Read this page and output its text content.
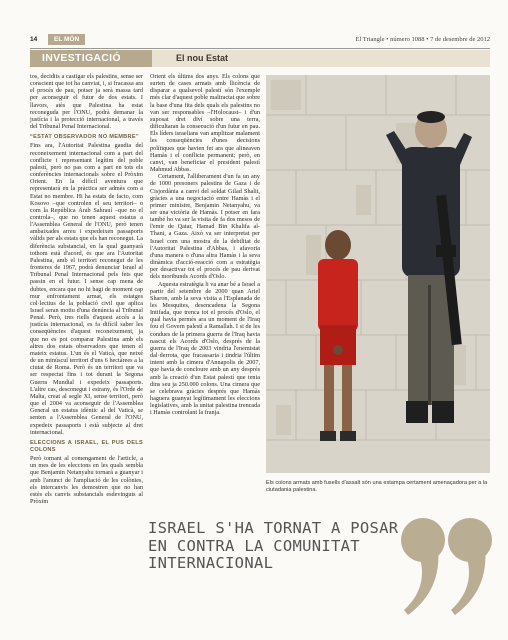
14	EL MÓN	El Triangle • número 1088 • 7 de desembre de 2012
INVESTIGACIÓ	El nou Estat

tos, decidits a castigar els palestins, sense ser conscient que tot ha canviat, i, si fracassa ara el procés de pau, potser ja serà massa tard per aconseguir el futur de dos estats. I llavors, atès que Palestina ha estat reconeguda per l'ONU, podrà demanar la justícia i la protecció internacional, a través del Tribunal Penal Internacional.

“ESTAT OBSERVADOR NO MEMBRE”

Fins ara, l'Autoritat Palestina gaudia del reconeixement internacional com a part del conflicte i representant legítim del poble palestí, però no pas com a part en tots els conferències internacionals sobre el Pròxim Orient. En la difícil aventura que representarà en la pràctica ser admès com a Estat no membre. Hi ha estats de facto, com Kosovo –que controlen el seu territori– o com la República Àrab Sahrauí –que no el controla–, que no tenen aquest estatus a l'Assemblea General de l'ONU, però tenen ambaixades arreu i expedeixen passaports vàlids per als estats que els han reconegut. La diferència substancial, en la qual guanyarà tothom està d'acord, és que ara l'Autoritat Palestina, amb el territori reconegut de les fronteres de 1967, podrà denunciar Israel al Tribunal Penal Internacional pels fets que passin en el futur. I sense cap mena de dubtes, encara que no hi hagi de moment cap mur enfrontament armat, els estatges col·lectius de la població civil que aplica Israel seran motiu d'una denúncia al Tribunal Penal. Però, tres riells d'aquest accés a la justícia internacional, es fa difícil saber les conseqüències d'aquest reconeixement, ja que no es pot comparar Palestina amb els altres dos estats observadors que tenen el mateix estatus. L'un és el Vaticà, que neixé de un minúscul territori d'uns 6 hectàrees a la ciutat de Roma. Però és un territori que va ser respectat fins i tot durant la Segona Guerra Mundial i expedeix passaports. L'altre cas, desconegut i estrany, és l'Orde de Malta, creat al segle XI, sense territori, però que el 2004 va aconseguir de l'Assemblea General un estatus idèntic al del Vaticà, se senten a l'Assemblea General de l'ONU, expedeix passaports i està subjecte al dret internacional.

ELECCIONS A ISRAEL, EL PUS DELS COLONS

Però tornant al comengament de l'article, a un mes de les eleccions en les quals sembla que Benjamin Netanyahu tornarà a guanyar i amb l'anunci de l'ampliació de les colònies, els intercanvis les demostren que no han estès els canvis substancials esdevinguts al Pròxim

Orient els últims dos anys. Els colons que surten de cases armats amb llicència de disparar a qualsevol palestí són l'exemple més clar d'aquest poble maltractat que sobre la base d'una fita dels quals els palestins no van ser responsables –l'Holocaust– i d'un suposat dret diví sobre una terra, dificultaran la consecució d'un futur en pau. Els líders israelians van amplitzar malament les conseqüències d'unes decisions polítiques que havien fet ara que alineaven Hamàs i el conflicte permanent; però, en canvi, van beneficiar el president palestí Mahmud Abbas.

Certament, l'alliberament d'un fa un any de 1000 presoners palestins de Gaza i de Cisjordània a canvi del soldat Gilad Shalit, gràcies a una negociació entre Hamàs i el primer ministre, Benjamin Netanyahu, va ser una victòria de Hamàs. I potser en fara també ho va ser la visita de fa dos mesos de l'emir de Qatar, Hamad Bin Khalifa al-Thani, a Gaza. Això va ser interpretat per Israel com una mostra de la debilitat de l'Autoritat Palestina d'Abbas, i afavoria d'una manera o d'una altra Hamàs i la seva dinàmica d'acció-reacció com a estratègia per desactivar tot el procés de pau derivat dels moribunds Acords d'Oslo.

Aquesta estratègia li va anar bé a Israel a partir del setembre de 2000 quan Ariel Sharon, amb la seva visita a l'Esplanada de les Mesquites, desencadena la Segona Intifada, que trenca tot el procés d'Oslo, el qual havia permès ara un moment de l'Iraq fou el Govern palestí a Ramallah. I si de les condues de la primera guerra de l'Iraq havia nascut els Acords d'Oslo, després de la guerra de l'Iraq de 2003 vindria l'enemistat dal·derrota, que fracassaria i tindria l'últim intent amb la cimera d'Annapolis de 2007, que havia de concloure amb un any després amb la creació d'un Estat palestí que tenia dins seu ja 250.000 colons. Una cimera que se celebrava gràcies després que Hamàs haguera guanyat legítimament les eleccions legislatives, amb la unitat palestina trencada i Hamàs controlant la franja.

Els colons armats amb fusells d'assalt són una estampa certament amenaçadora per a la ciutadania palestina.
ISRAEL S'HA TORNAT A POSAR EN CONTRA LA COMUNITAT INTERNACIONAL
